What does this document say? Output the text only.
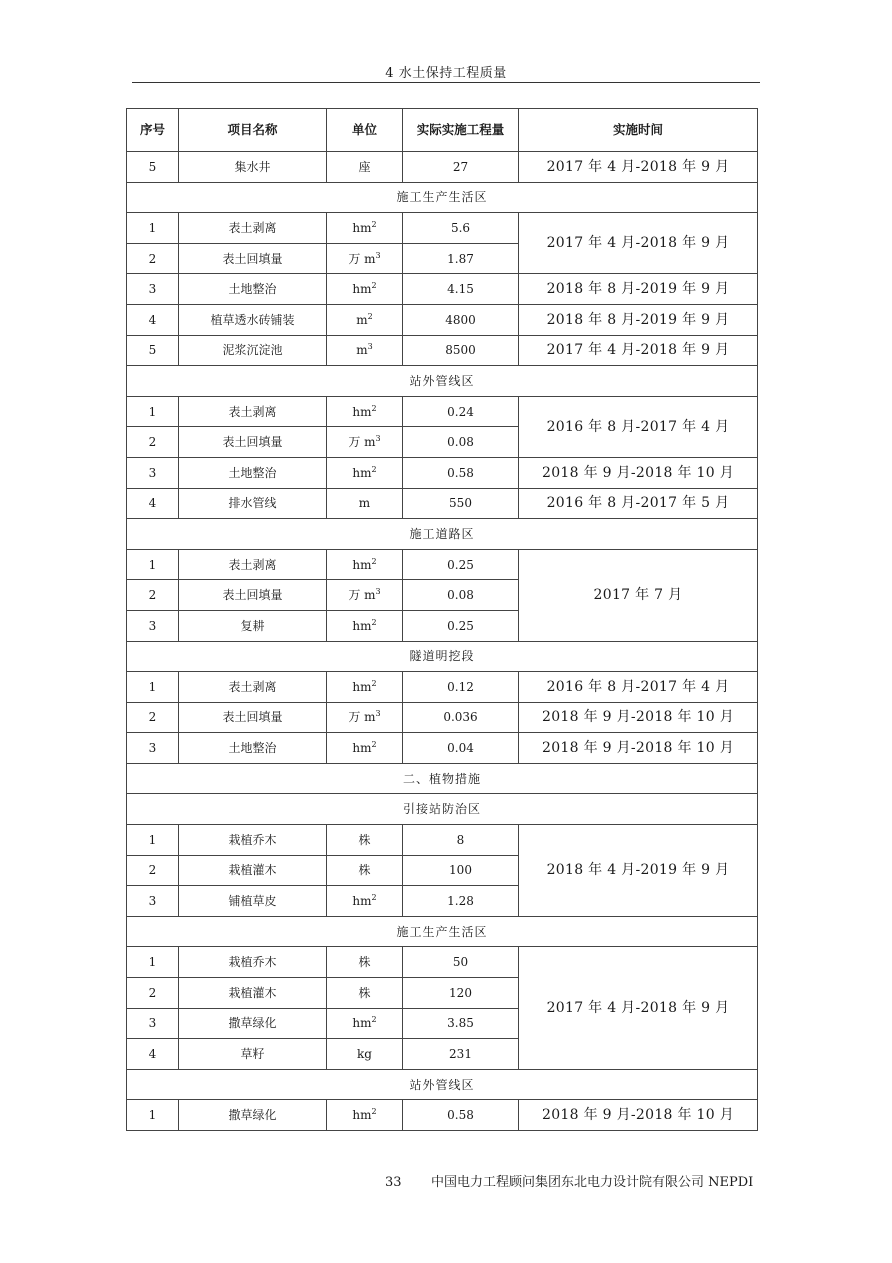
4 水土保持工程质量
序号	项目名称	单位	实际实施工程量	实施时间
5	集水井	座	27	2017 年 4 月-2018 年 9 月
施工生产生活区				
1	表土剥离	$hm^2$	5.6	2017 年 4 月-2018 年 9 月
2	表土回填量	万 $m^3$	1.87	
3	土地整治	$hm^2$	4.15	2018 年 8 月-2019 年 9 月
4	植草透水砖铺装	$m^2$	4800	2018 年 8 月-2019 年 9 月
5	泥浆沉淀池	$m^3$	8500	2017 年 4 月-2018 年 9 月
站外管线区				
1	表土剥离	$hm^2$	0.24	2016 年 8 月-2017 年 4 月
2	表土回填量	万 $m^3$	0.08	
3	土地整治	$hm^2$	0.58	2018 年 9 月-2018 年 10 月
4	排水管线	m	550	2016 年 8 月-2017 年 5 月
施工道路区				
1	表土剥离	$hm^2$	0.25	2017 年 7 月
2	表土回填量	万 $m^3$	0.08	
3	复耕	$hm^2$	0.25	
隧道明挖段				
1	表土剥离	$hm^2$	0.12	2016 年 8 月-2017 年 4 月
2	表土回填量	万 $m^3$	0.036	2018 年 9 月-2018 年 10 月
3	土地整治	$hm^2$	0.04	2018 年 9 月-2018 年 10 月
二、植物措施				
引接站防治区				
1	栽植乔木	株	8	2018 年 4 月-2019 年 9 月
2	栽植灌木	株	100	
3	铺植草皮	$hm^2$	1.28	
施工生产生活区				
1	栽植乔木	株	50	2017 年 4 月-2018 年 9 月
2	栽植灌木	株	120	
3	撒草绿化	$hm^2$	3.85	
4	草籽	kg	231	
站外管线区				
1	撒草绿化	$hm^2$	0.58	2018 年 9 月-2018 年 10 月
33 中国电力工程顾问集团东北电力设计院有限公司 NEPDI
